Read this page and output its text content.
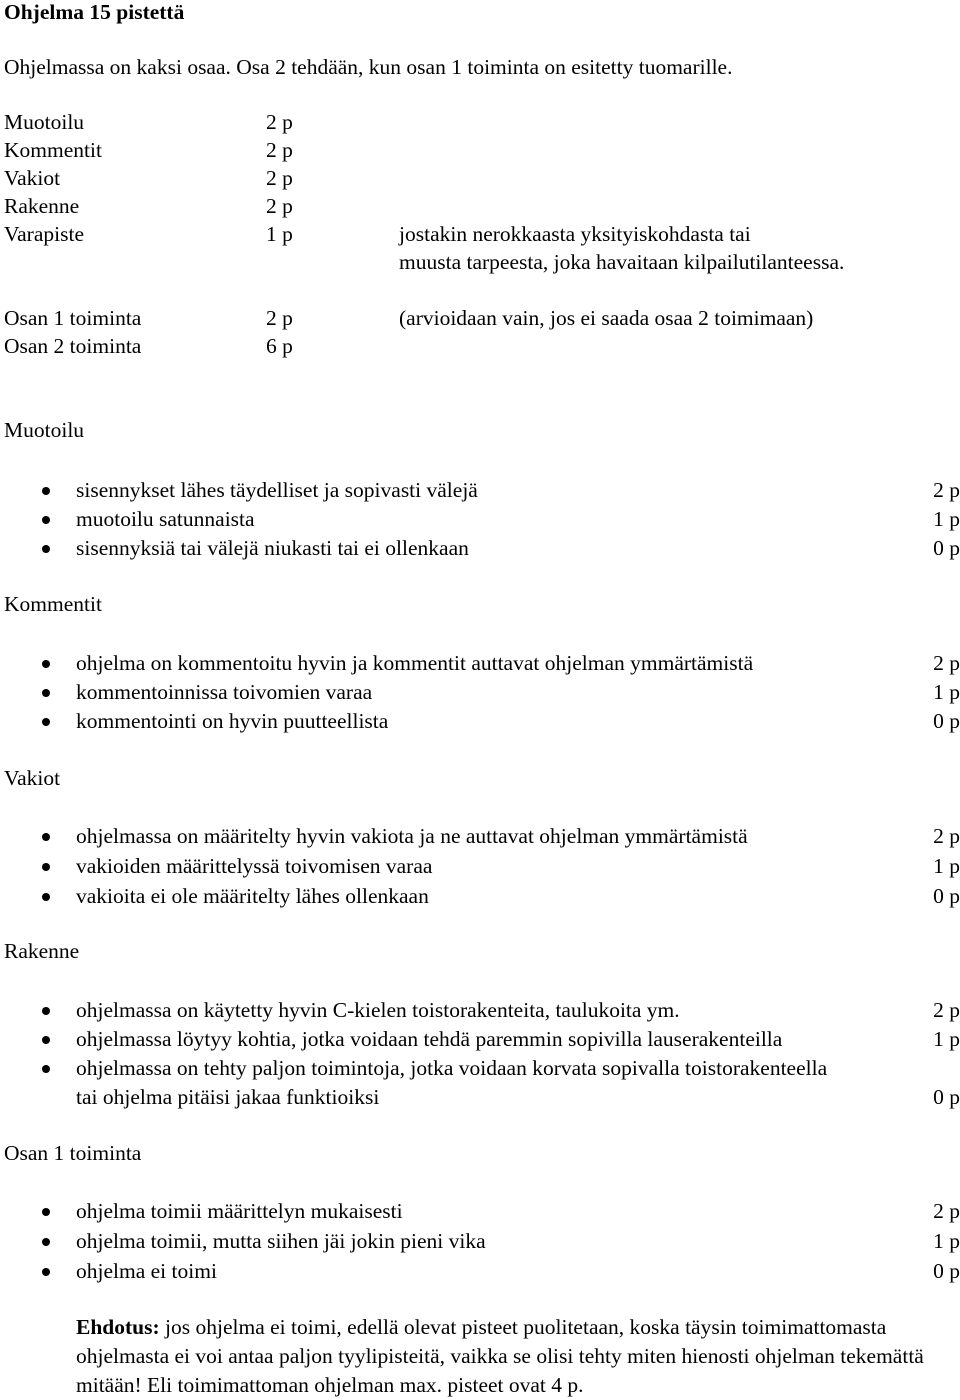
Ohjelma 15 pistettä
Ohjelmassa on kaksi osaa. Osa 2 tehdään, kun osan 1 toiminta on esitetty tuomarille.
Muotoilu	2 p
Kommentit	2 p
Vakiot	2 p
Rakenne	2 p
Varapiste	1 p	jostakin nerokkaasta yksityiskohdasta tai
muusta tarpeesta, joka havaitaan kilpailutilanteessa.
Osan 1 toiminta	2 p	(arvioidaan vain, jos ei saada osaa 2 toimimaan)
Osan 2 toiminta	6 p
Muotoilu
sisennykset lähes täydelliset ja sopivasti välejä	2 p
muotoilu satunnaista	1 p
sisennyksiä tai välejä niukasti tai ei ollenkaan	0 p
Kommentit
ohjelma on kommentoitu hyvin ja kommentit auttavat ohjelman ymmärtämistä	2 p
kommentoinnissa toivomien varaa	1 p
kommentointi on hyvin puutteellista	0 p
Vakiot
ohjelmassa on määritelty hyvin vakiota ja ne auttavat ohjelman ymmärtämistä	2 p
vakioiden määrittelyssä toivomisen varaa	1 p
vakioita ei ole määritelty lähes ollenkaan	0 p
Rakenne
ohjelmassa on käytetty hyvin C-kielen toistorakenteita, taulukoita ym.	2 p
ohjelmassa löytyy kohtia, jotka voidaan tehdä paremmin sopivilla lauserakenteilla	1 p
ohjelmassa on tehty paljon toimintoja, jotka voidaan korvata sopivalla toistorakenteella
tai ohjelma pitäisi jakaa funktioiksi	0 p
Osan 1 toiminta
ohjelma toimii määrittelyn mukaisesti	2 p
ohjelma toimii, mutta siihen jäi jokin pieni vika	1 p
ohjelma ei toimi	0 p
Ehdotus: jos ohjelma ei toimi, edellä olevat pisteet puolitetaan, koska täysin toimimattomasta ohjelmasta ei voi antaa paljon tyylipisteitä, vaikka se olisi tehty miten hienosti ohjelman tekemättä mitään! Eli toimimattoman ohjelman max. pisteet ovat 4 p.
